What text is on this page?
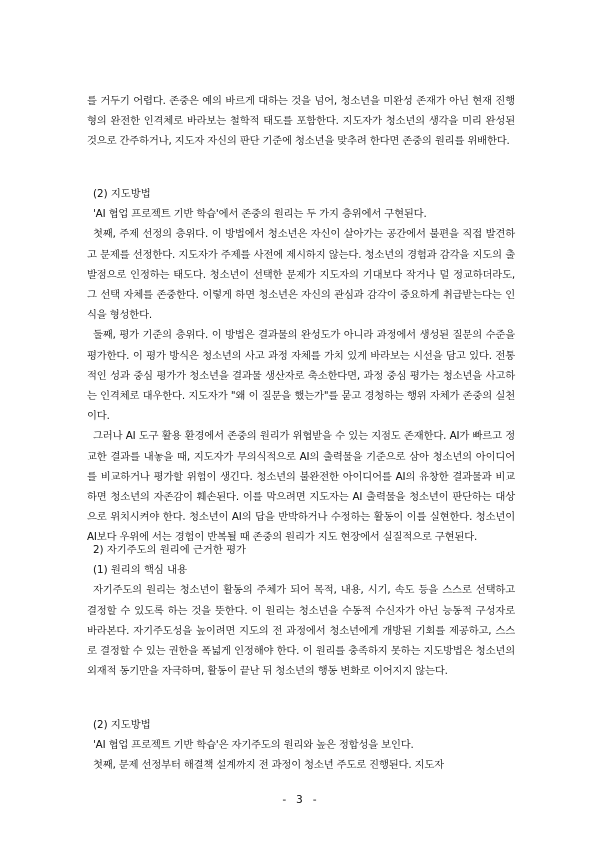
를 거두기 어렵다. 존중은 예의 바르게 대하는 것을 넘어, 청소년을 미완성 존재가 아닌 현재 진행형의 완전한 인격체로 바라보는 철학적 태도를 포함한다. 지도자가 청소년의 생각을 미리 완성된 것으로 간주하거나, 지도자 자신의 판단 기준에 청소년을 맞추려 한다면 존중의 원리를 위배한다.

(2) 지도방법

'AI 협업 프로젝트 기반 학습'에서 존중의 원리는 두 가지 층위에서 구현된다.

첫째, 주제 선정의 층위다. 이 방법에서 청소년은 자신이 살아가는 공간에서 불편을 직접 발견하고 문제를 선정한다. 지도자가 주제를 사전에 제시하지 않는다. 청소년의 경험과 감각을 지도의 출발점으로 인정하는 태도다. 청소년이 선택한 문제가 지도자의 기대보다 작거나 덜 정교하더라도, 그 선택 자체를 존중한다. 이렇게 하면 청소년은 자신의 관심과 감각이 중요하게 취급받는다는 인식을 형성한다.

둘째, 평가 기준의 층위다. 이 방법은 결과물의 완성도가 아니라 과정에서 생성된 질문의 수준을 평가한다. 이 평가 방식은 청소년의 사고 과정 자체를 가치 있게 바라보는 시선을 담고 있다. 전통적인 성과 중심 평가가 청소년을 결과물 생산자로 축소한다면, 과정 중심 평가는 청소년을 사고하는 인격체로 대우한다. 지도자가 "왜 이 질문을 했는가"를 묻고 경청하는 행위 자체가 존중의 실천이다.

그러나 AI 도구 활용 환경에서 존중의 원리가 위협받을 수 있는 지점도 존재한다. AI가 빠르고 정교한 결과를 내놓을 때, 지도자가 무의식적으로 AI의 출력물을 기준으로 삼아 청소년의 아이디어를 비교하거나 평가할 위험이 생긴다. 청소년의 불완전한 아이디어를 AI의 유창한 결과물과 비교하면 청소년의 자존감이 훼손된다. 이를 막으려면 지도자는 AI 출력물을 청소년이 판단하는 대상으로 위치시켜야 한다. 청소년이 AI의 답을 반박하거나 수정하는 활동이 이를 실현한다. 청소년이 AI보다 우위에 서는 경험이 반복될 때 존중의 원리가 지도 현장에서 실질적으로 구현된다.

2) 자기주도의 원리에 근거한 평가

(1) 원리의 핵심 내용

자기주도의 원리는 청소년이 활동의 주체가 되어 목적, 내용, 시기, 속도 등을 스스로 선택하고 결정할 수 있도록 하는 것을 뜻한다. 이 원리는 청소년을 수동적 수신자가 아닌 능동적 구성자로 바라본다. 자기주도성을 높이려면 지도의 전 과정에서 청소년에게 개방된 기회를 제공하고, 스스로 결정할 수 있는 권한을 폭넓게 인정해야 한다. 이 원리를 충족하지 못하는 지도방법은 청소년의 외재적 동기만을 자극하며, 활동이 끝난 뒤 청소년의 행동 변화로 이어지지 않는다.

(2) 지도방법

'AI 협업 프로젝트 기반 학습'은 자기주도의 원리와 높은 정합성을 보인다.

첫째, 문제 선정부터 해결책 설계까지 전 과정이 청소년 주도로 진행된다. 지도자

- 3 -
